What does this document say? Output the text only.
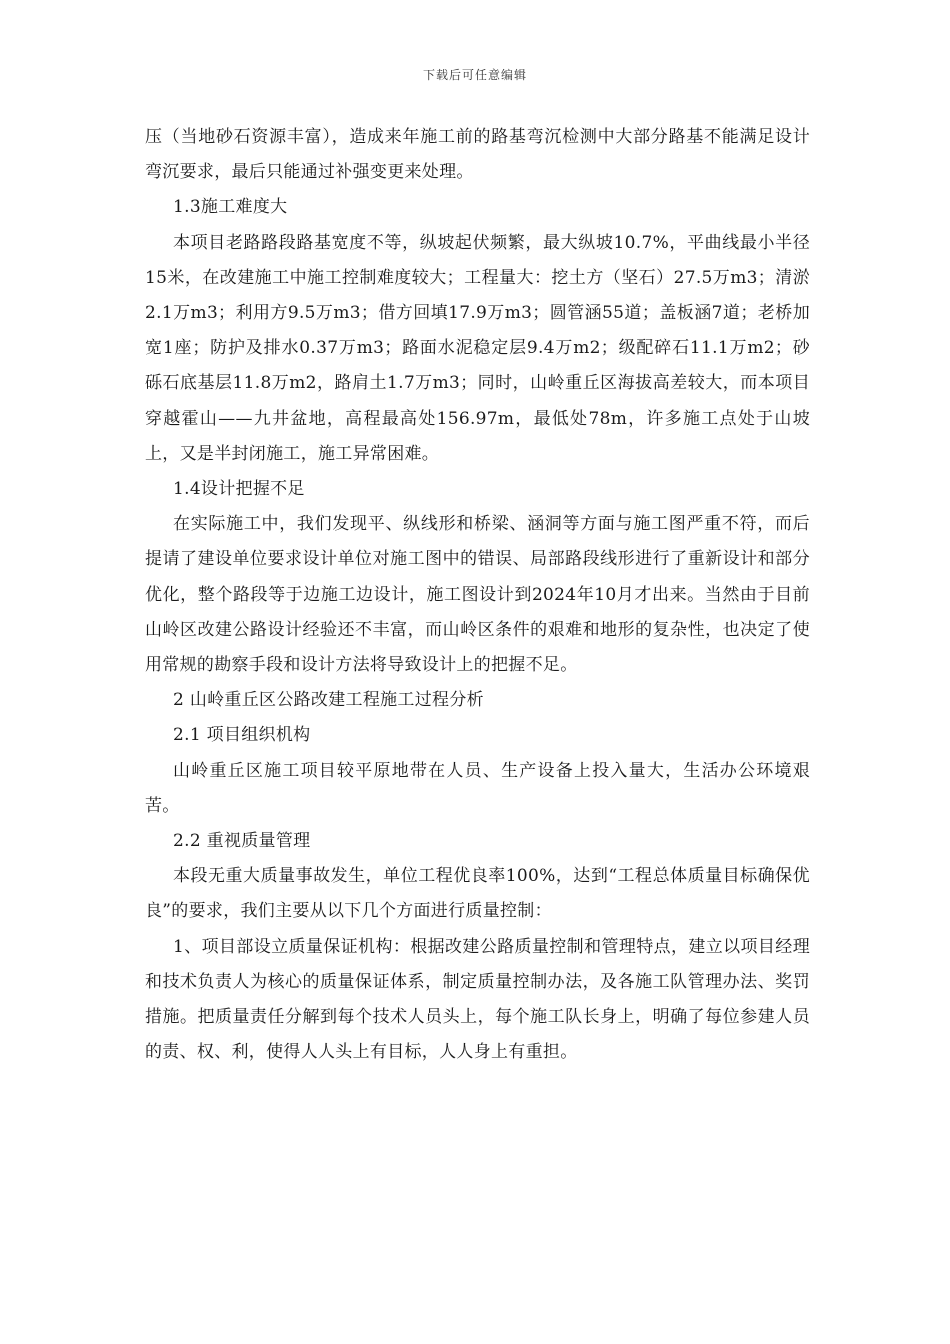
下载后可任意编辑

压（当地砂石资源丰富），造成来年施工前的路基弯沉检测中大部分路基不能满足设计弯沉要求，最后只能通过补强变更来处理。

1.3施工难度大

本项目老路路段路基宽度不等，纵坡起伏频繁，最大纵坡10.7%，平曲线最小半径15米，在改建施工中施工控制难度较大；工程量大：挖土方（坚石）27.5万m3；清淤2.1万m3；利用方9.5万m3；借方回填17.9万m3；圆管涵55道；盖板涵7道；老桥加宽1座；防护及排水0.37万m3；路面水泥稳定层9.4万m2；级配碎石11.1万m2；砂砾石底基层11.8万m2，路肩土1.7万m3；同时，山岭重丘区海拔高差较大，而本项目穿越霍山——九井盆地，高程最高处156.97m，最低处78m，许多施工点处于山坡上，又是半封闭施工，施工异常困难。

1.4设计把握不足

在实际施工中，我们发现平、纵线形和桥梁、涵洞等方面与施工图严重不符，而后提请了建设单位要求设计单位对施工图中的错误、局部路段线形进行了重新设计和部分优化，整个路段等于边施工边设计，施工图设计到2024年10月才出来。当然由于目前山岭区改建公路设计经验还不丰富，而山岭区条件的艰难和地形的复杂性，也决定了使用常规的勘察手段和设计方法将导致设计上的把握不足。

2 山岭重丘区公路改建工程施工过程分析

2.1 项目组织机构

山岭重丘区施工项目较平原地带在人员、生产设备上投入量大，生活办公环境艰苦。

2.2 重视质量管理

本段无重大质量事故发生，单位工程优良率100%，达到“工程总体质量目标确保优良”的要求，我们主要从以下几个方面进行质量控制：

1、项目部设立质量保证机构：根据改建公路质量控制和管理特点，建立以项目经理和技术负责人为核心的质量保证体系，制定质量控制办法，及各施工队管理办法、奖罚措施。把质量责任分解到每个技术人员头上，每个施工队长身上，明确了每位参建人员的责、权、利，使得人人头上有目标，人人身上有重担。
